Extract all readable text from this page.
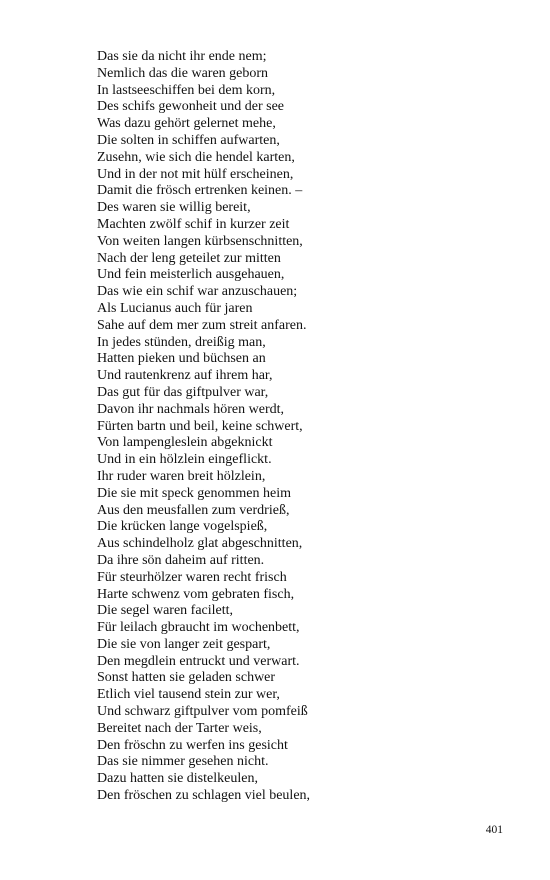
Das sie da nicht ihr ende nem;
Nemlich das die waren geborn
In lastseeschiffen bei dem korn,
Des schifs gewonheit und der see
Was dazu gehört gelernet mehe,
Die solten in schiffen aufwarten,
Zusehn, wie sich die hendel karten,
Und in der not mit hülf erscheinen,
Damit die frösch ertrenken keinen. –
Des waren sie willig bereit,
Machten zwölf schif in kurzer zeit
Von weiten langen kürbsenschnitten,
Nach der leng geteilet zur mitten
Und fein meisterlich ausgehauen,
Das wie ein schif war anzuschauen;
Als Lucianus auch für jaren
Sahe auf dem mer zum streit anfaren.
In jedes stünden, dreißig man,
Hatten pieken und büchsen an
Und rautenkrenz auf ihrem har,
Das gut für das giftpulver war,
Davon ihr nachmals hören werdt,
Fürten bartn und beil, keine schwert,
Von lampengleslein abgeknickt
Und in ein hölzlein eingeflickt.
Ihr ruder waren breit hölzlein,
Die sie mit speck genommen heim
Aus den meusfallen zum verdrieß,
Die krücken lange vogelspieß,
Aus schindelholz glat abgeschnitten,
Da ihre sön daheim auf ritten.
Für steurhölzer waren recht frisch
Harte schwenz vom gebraten fisch,
Die segel waren facilett,
Für leilach gbraucht im wochenbett,
Die sie von langer zeit gespart,
Den megdlein entruckt und verwart.
Sonst hatten sie geladen schwer
Etlich viel tausend stein zur wer,
Und schwarz giftpulver vom pomfeiß
Bereitet nach der Tarter weis,
Den fröschn zu werfen ins gesicht
Das sie nimmer gesehen nicht.
Dazu hatten sie distelkeulen,
Den fröschen zu schlagen viel beulen,
401
